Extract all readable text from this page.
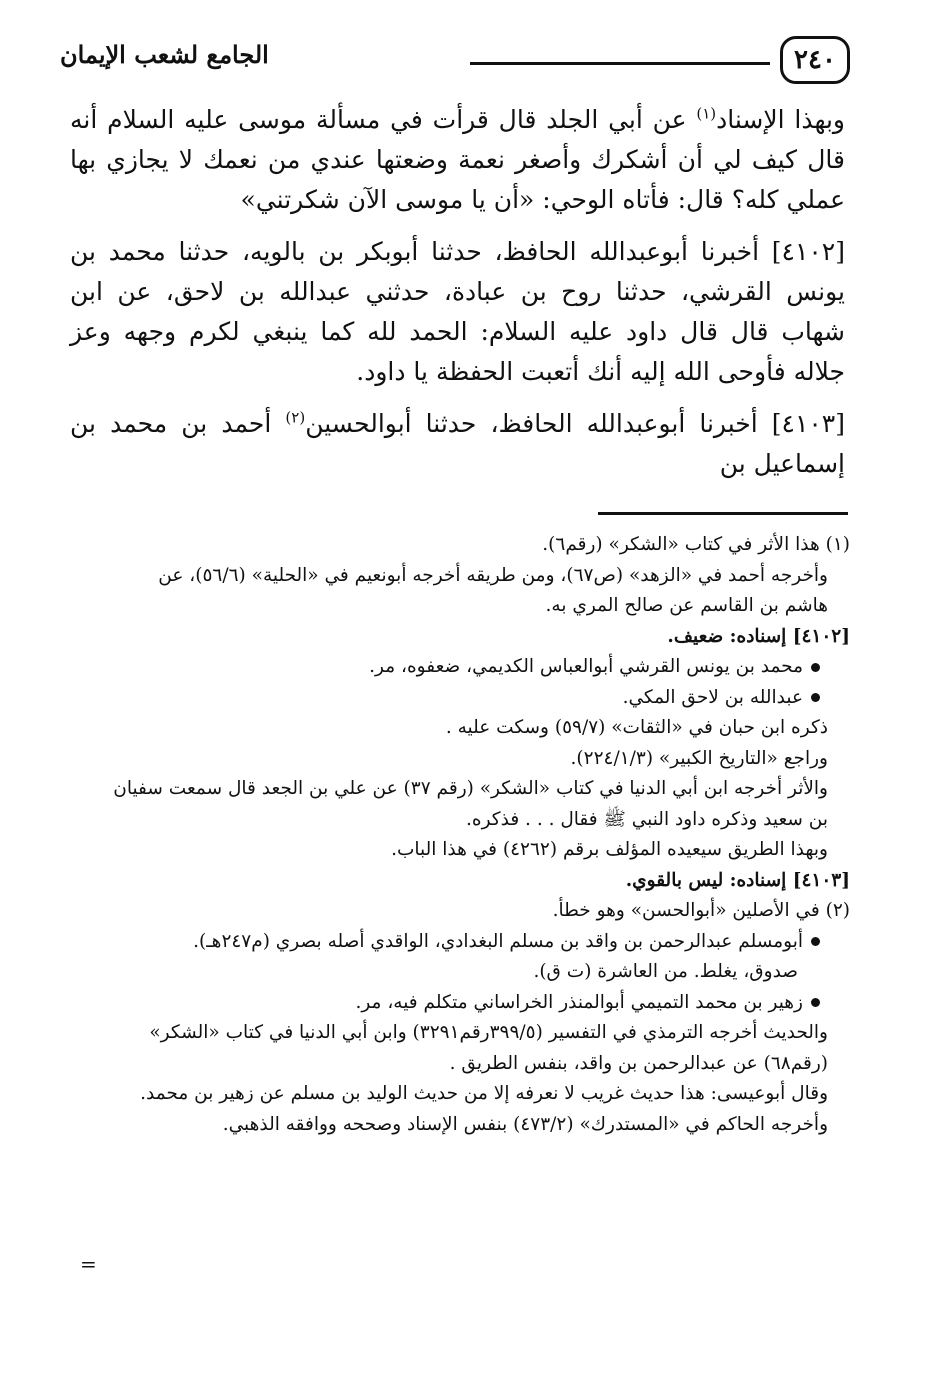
٢٤٠
الجامع لشعب الإيمان

وبهذا الإسناد$^{(١)}$ عن أبي الجلد قال قرأت في مسألة موسى عليه السلام أنه قال كيف لي أن أشكرك وأصغر نعمة وضعتها عندي من نعمك لا يجازي بها عملي كله؟ قال: فأتاه الوحي: «أن يا موسى الآن شكرتني»

[٤١٠٢] أخبرنا أبوعبدالله الحافظ، حدثنا أبوبكر بن بالويه، حدثنا محمد بن يونس القرشي، حدثنا روح بن عبادة، حدثني عبدالله بن لاحق، عن ابن شهاب قال قال داود عليه السلام: الحمد لله كما ينبغي لكرم وجهه وعز جلاله فأوحى الله إليه أنك أتعبت الحفظة يا داود.

[٤١٠٣] أخبرنا أبوعبدالله الحافظ، حدثنا أبوالحسين$^{(٢)}$ أحمد بن محمد بن إسماعيل بن

(١) هذا الأثر في كتاب «الشكر» (رقم٦).

وأخرجه أحمد في «الزهد» (ص٦٧)، ومن طريقه أخرجه أبونعيم في «الحلية» (٥٦/٦)، عن

هاشم بن القاسم عن صالح المري به.

[٤١٠٢] إسناده: ضعيف.

محمد بن يونس القرشي أبوالعباس الكديمي، ضعفوه، مر.

عبدالله بن لاحق المكي.

ذكره ابن حبان في «الثقات» (٥٩/٧) وسكت عليه .

وراجع «التاريخ الكبير» (٢٢٤/١/٣).

والأثر أخرجه ابن أبي الدنيا في كتاب «الشكر» (رقم ٣٧) عن علي بن الجعد قال سمعت سفيان

بن سعيد وذكره داود النبي ﷺ فقال . . . فذكره.

وبهذا الطريق سيعيده المؤلف برقم (٤٢٦٢) في هذا الباب.

[٤١٠٣] إسناده: ليس بالقوي.

(٢) في الأصلين «أبوالحسن» وهو خطأ.

أبومسلم عبدالرحمن بن واقد بن مسلم البغدادي، الواقدي أصله بصري (م٢٤٧هـ).

صدوق، يغلط. من العاشرة (ت ق).

زهير بن محمد التميمي أبوالمنذر الخراساني متكلم فيه، مر.

والحديث أخرجه الترمذي في التفسير (٣٩٩/٥رقم٣٢٩١) وابن أبي الدنيا في كتاب «الشكر»

(رقم٦٨) عن عبدالرحمن بن واقد، بنفس الطريق .

وقال أبوعيسى: هذا حديث غريب لا نعرفه إلا من حديث الوليد بن مسلم عن زهير بن محمد.

وأخرجه الحاكم في «المستدرك» (٤٧٣/٢) بنفس الإسناد وصححه ووافقه الذهبي.

=
